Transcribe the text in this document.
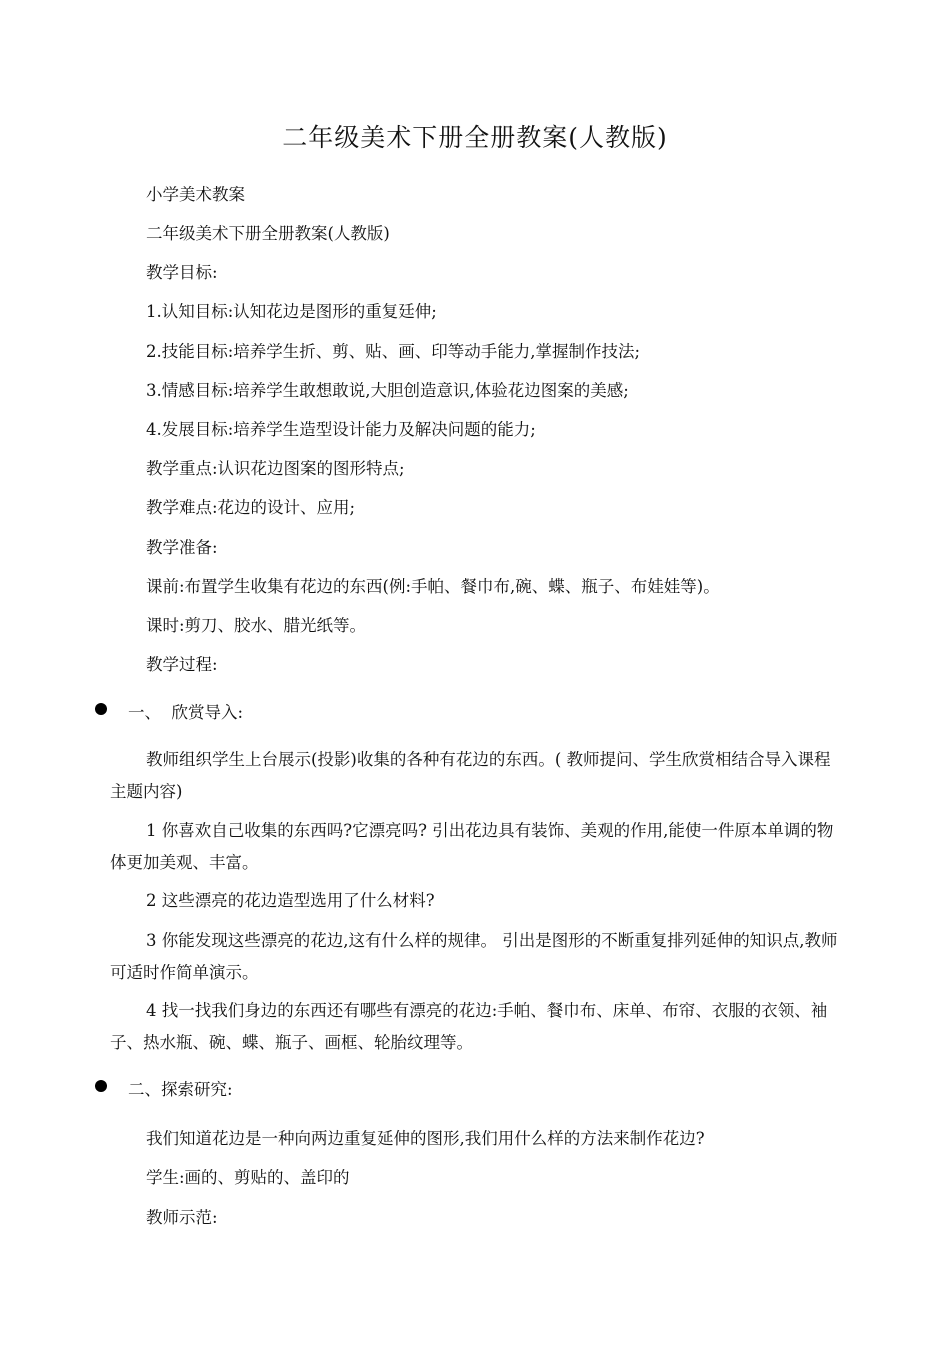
二年级美术下册全册教案(人教版)

小学美术教案

二年级美术下册全册教案(人教版)

教学目标:

1.认知目标:认知花边是图形的重复廷伸;

2.技能目标:培养学生折、剪、贴、画、印等动手能力,掌握制作技法;

3.情感目标:培养学生敢想敢说,大胆创造意识,体验花边图案的美感;

4.发展目标:培养学生造型设计能力及解决问题的能力;

教学重点:认识花边图案的图形特点;

教学难点:花边的设计、应用;

教学准备:

课前:布置学生收集有花边的东西(例:手帕、餐巾布,碗、蝶、瓶子、布娃娃等)。

课时:剪刀、胶水、腊光纸等。

教学过程:

一、  欣赏导入:

教师组织学生上台展示(投影)收集的各种有花边的东西。( 教师提问、学生欣赏相结合导入课程主题内容)

1 你喜欢自己收集的东西吗?它漂亮吗? 引出花边具有装饰、美观的作用,能使一件原本单调的物体更加美观、丰富。

2 这些漂亮的花边造型选用了什么材料?

3 你能发现这些漂亮的花边,这有什么样的规律。 引出是图形的不断重复排列延伸的知识点,教师可适时作简单演示。

4 找一找我们身边的东西还有哪些有漂亮的花边:手帕、餐巾布、床单、布帘、衣服的衣领、袖子、热水瓶、碗、蝶、瓶子、画框、轮胎纹理等。

二、探索研究:

我们知道花边是一种向两边重复延伸的图形,我们用什么样的方法来制作花边?

学生:画的、剪贴的、盖印的

教师示范:
